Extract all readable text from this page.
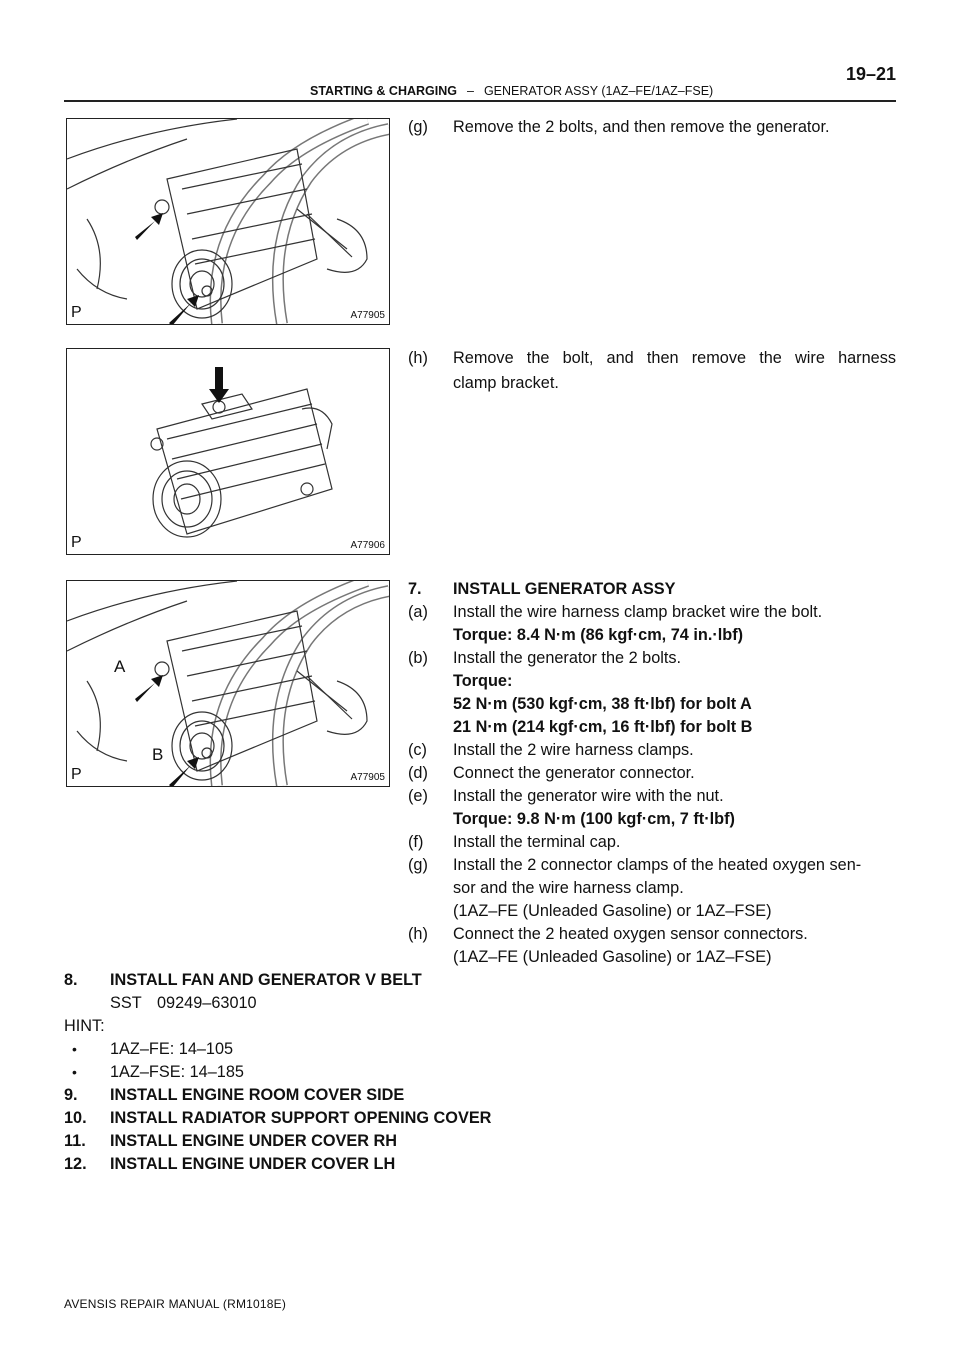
STARTING & CHARGING – GENERATOR ASSY (1AZ–FE/1AZ–FSE)
19–21
P	A77905
P	A77906
A
B
P	A77905
(g) Remove the 2 bolts, and then remove the generator.
(h) Remove the bolt, and then remove the wire harness
clamp bracket.
7. INSTALL GENERATOR ASSY
(a) Install the wire harness clamp bracket wire the bolt.
Torque: 8.4 N·m (86 kgf·cm, 74 in.·lbf)
(b) Install the generator the 2 bolts.
Torque:
52 N·m (530 kgf·cm, 38 ft·lbf) for bolt A
21 N·m (214 kgf·cm, 16 ft·lbf) for bolt B
(c) Install the 2 wire harness clamps.
(d) Connect the generator connector.
(e) Install the generator wire with the nut.
Torque: 9.8 N·m (100 kgf·cm, 7 ft·lbf)
(f) Install the terminal cap.
(g) Install the 2 connector clamps of the heated oxygen sen-
sor and the wire harness clamp.
(1AZ–FE (Unleaded Gasoline) or 1AZ–FSE)
(h) Connect the 2 heated oxygen sensor connectors.
(1AZ–FE (Unleaded Gasoline) or 1AZ–FSE)
8. INSTALL FAN AND GENERATOR V BELT
SST 09249–63010
HINT:
• 1AZ–FE: 14–105
• 1AZ–FSE: 14–185
9. INSTALL ENGINE ROOM COVER SIDE
10. INSTALL RADIATOR SUPPORT OPENING COVER
11. INSTALL ENGINE UNDER COVER RH
12. INSTALL ENGINE UNDER COVER LH
AVENSIS REPAIR MANUAL (RM1018E)
